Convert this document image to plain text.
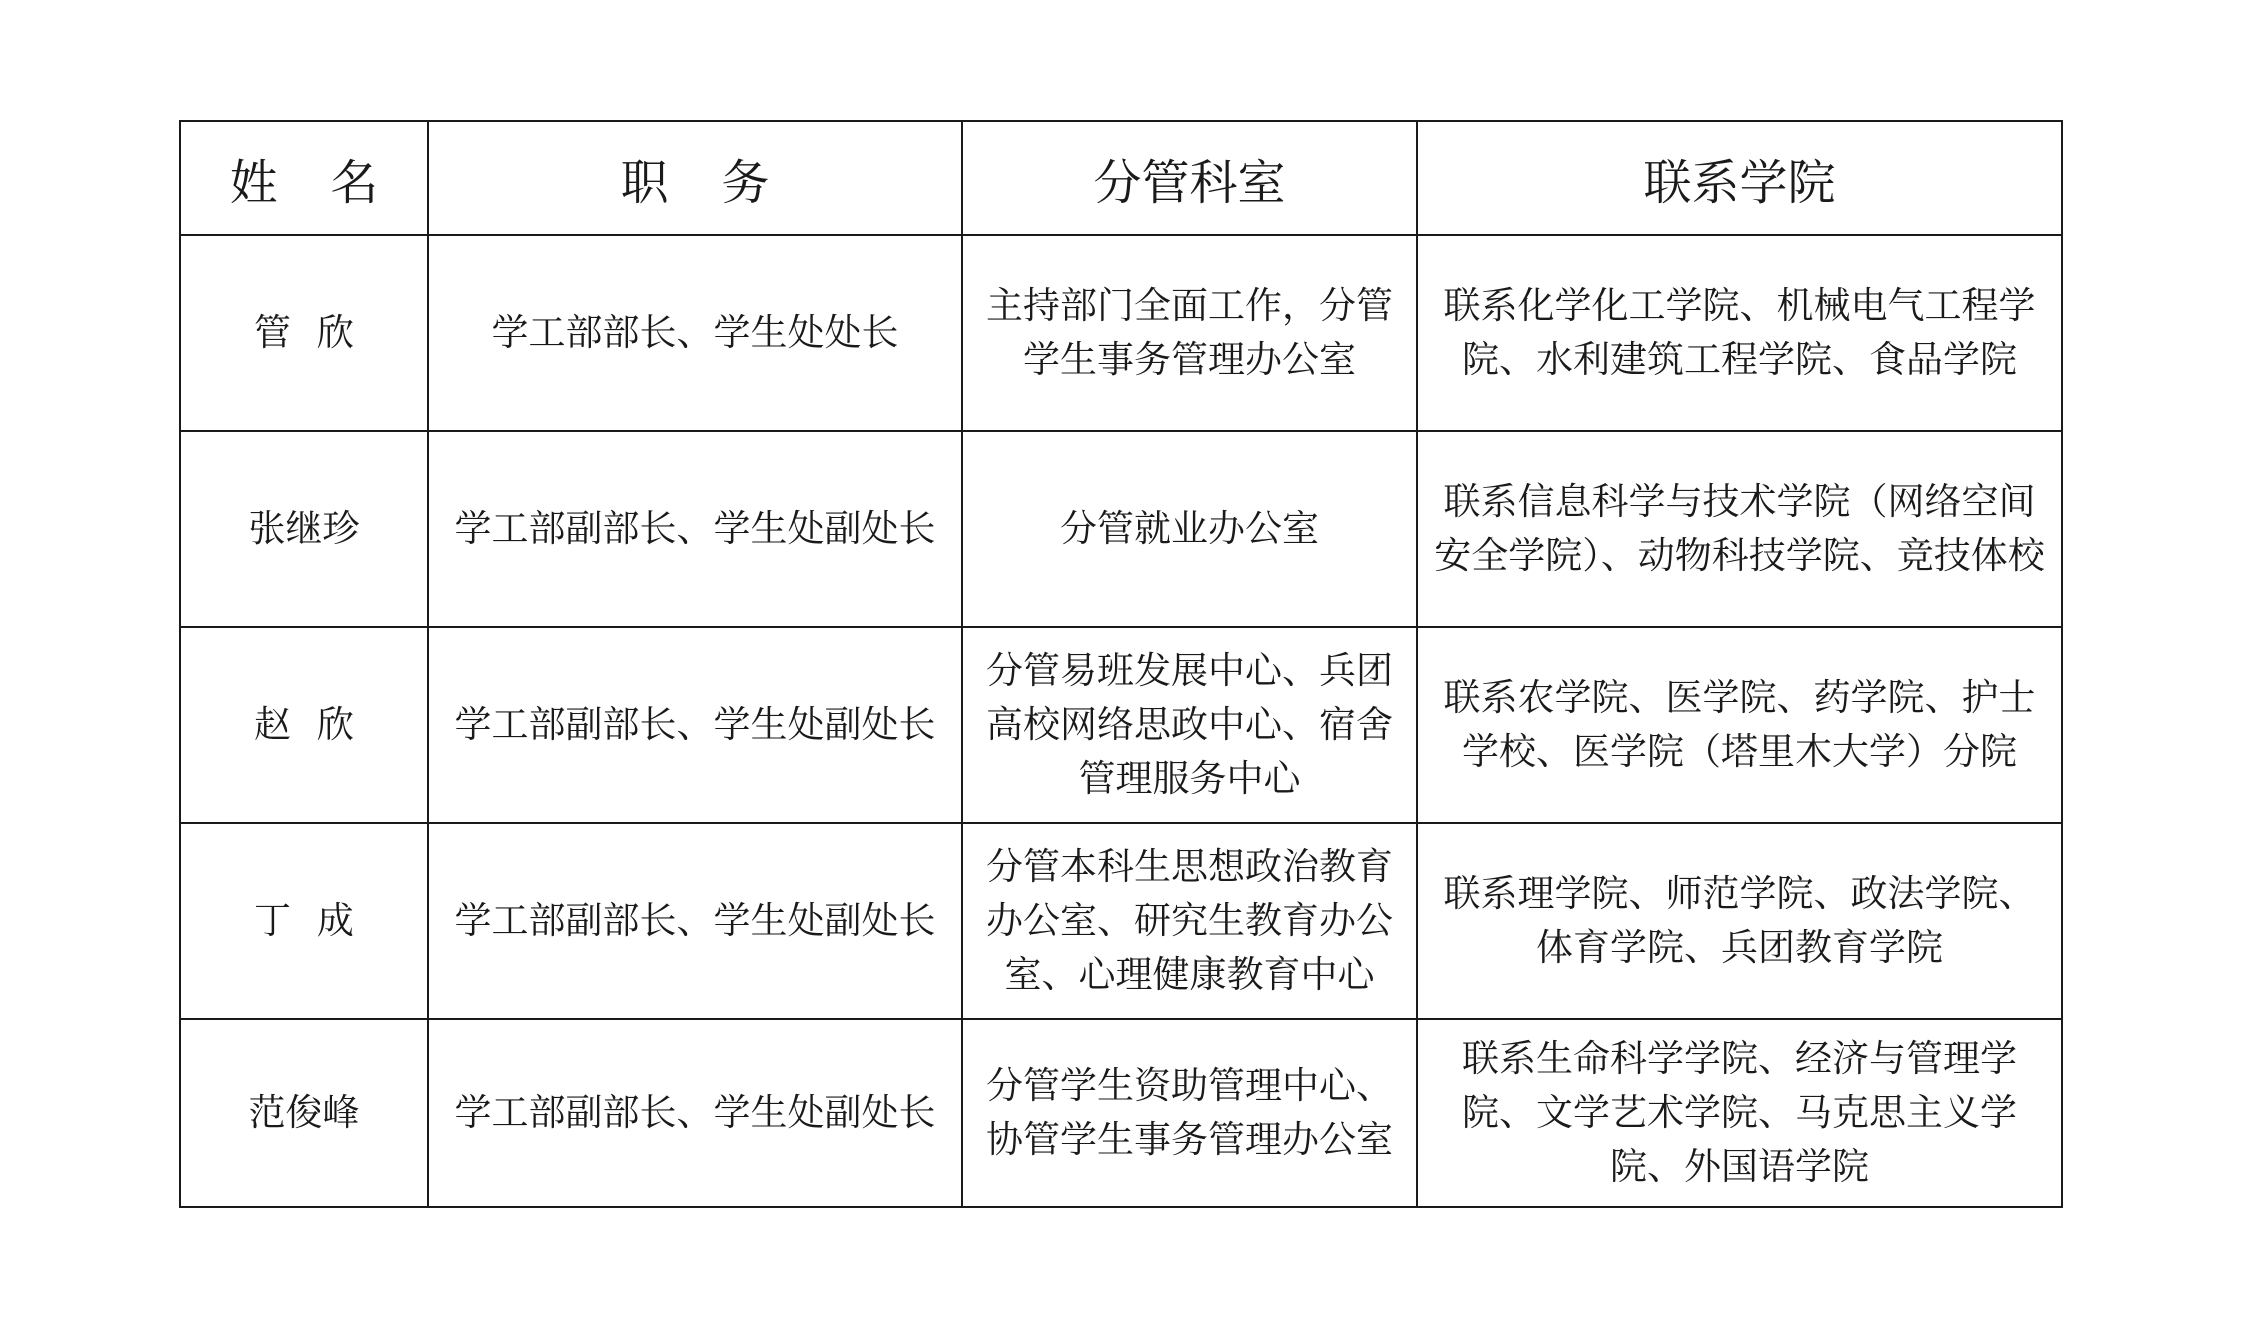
姓名	职务	分管科室	联系学院
管欣	学工部部长、学生处处长	主持部门全面工作，分管学生事务管理办公室	联系化学化工学院、机械电气工程学院、水利建筑工程学院、食品学院
张继珍	学工部副部长、学生处副处长	分管就业办公室	联系信息科学与技术学院（网络空间安全学院）、动物科技学院、竞技体校
赵欣	学工部副部长、学生处副处长	分管易班发展中心、兵团高校网络思政中心、宿舍管理服务中心	联系农学院、医学院、药学院、护士学校、医学院（塔里木大学）分院
丁成	学工部副部长、学生处副处长	分管本科生思想政治教育办公室、研究生教育办公室、心理健康教育中心	联系理学院、师范学院、政法学院、体育学院、兵团教育学院
范俊峰	学工部副部长、学生处副处长	分管学生资助管理中心、协管学生事务管理办公室	联系生命科学学院、经济与管理学院、文学艺术学院、马克思主义学院、外国语学院
